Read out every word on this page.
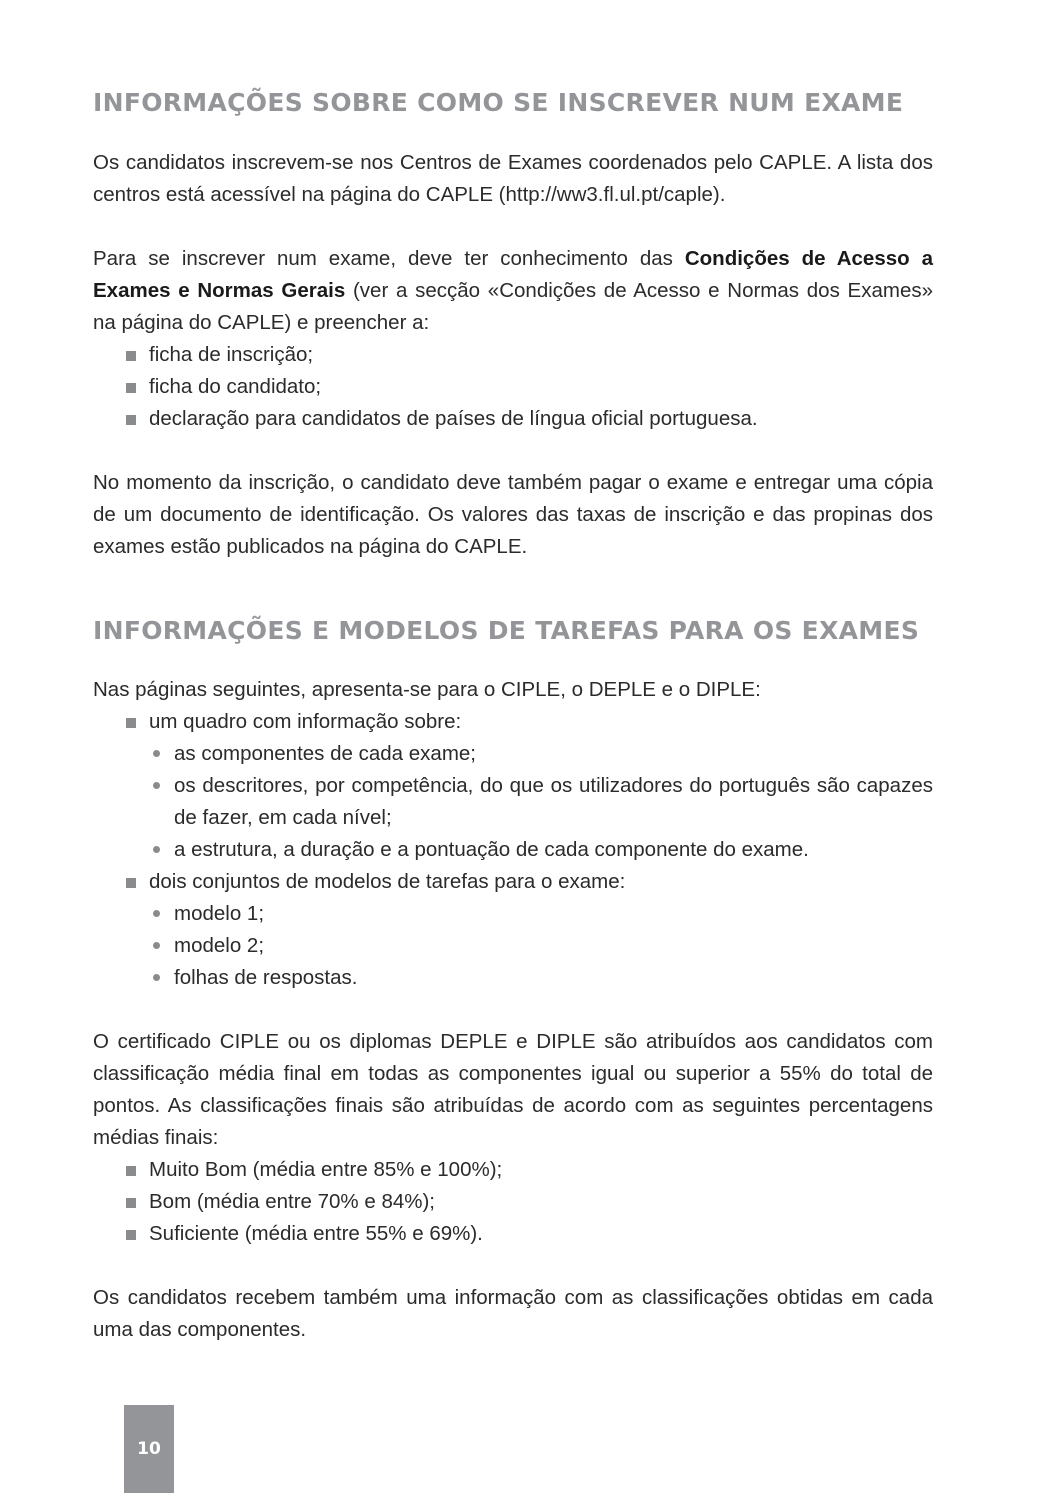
INFORMAÇÕES SOBRE COMO SE INSCREVER NUM EXAME

Os candidatos inscrevem-se nos Centros de Exames coordenados pelo CAPLE. A lista dos centros está acessível na página do CAPLE (http://ww3.fl.ul.pt/caple).

Para se inscrever num exame, deve ter conhecimento das Condições de Acesso a Exames e Normas Gerais (ver a secção «Condições de Acesso e Normas dos Exames» na página do CAPLE) e preencher a:

ficha de inscrição;
ficha do candidato;
declaração para candidatos de países de língua oficial portuguesa.

No momento da inscrição, o candidato deve também pagar o exame e entregar uma cópia de um documento de identificação. Os valores das taxas de inscrição e das propinas dos exames estão publicados na página do CAPLE.

INFORMAÇÕES E MODELOS DE TAREFAS PARA OS EXAMES

Nas páginas seguintes, apresenta-se para o CIPLE, o DEPLE e o DIPLE:

um quadro com informação sobre:
as componentes de cada exame;
os descritores, por competência, do que os utilizadores do português são capazes de fazer, em cada nível;
a estrutura, a duração e a pontuação de cada componente do exame.
dois conjuntos de modelos de tarefas para o exame:
modelo 1;
modelo 2;
folhas de respostas.

O certificado CIPLE ou os diplomas DEPLE e DIPLE são atribuídos aos candidatos com classificação média final em todas as componentes igual ou superior a 55% do total de pontos. As classificações finais são atribuídas de acordo com as seguintes percentagens médias finais:

Muito Bom (média entre 85% e 100%);
Bom (média entre 70% e 84%);
Suficiente (média entre 55% e 69%).

Os candidatos recebem também uma informação com as classificações obtidas em cada uma das componentes.

10
